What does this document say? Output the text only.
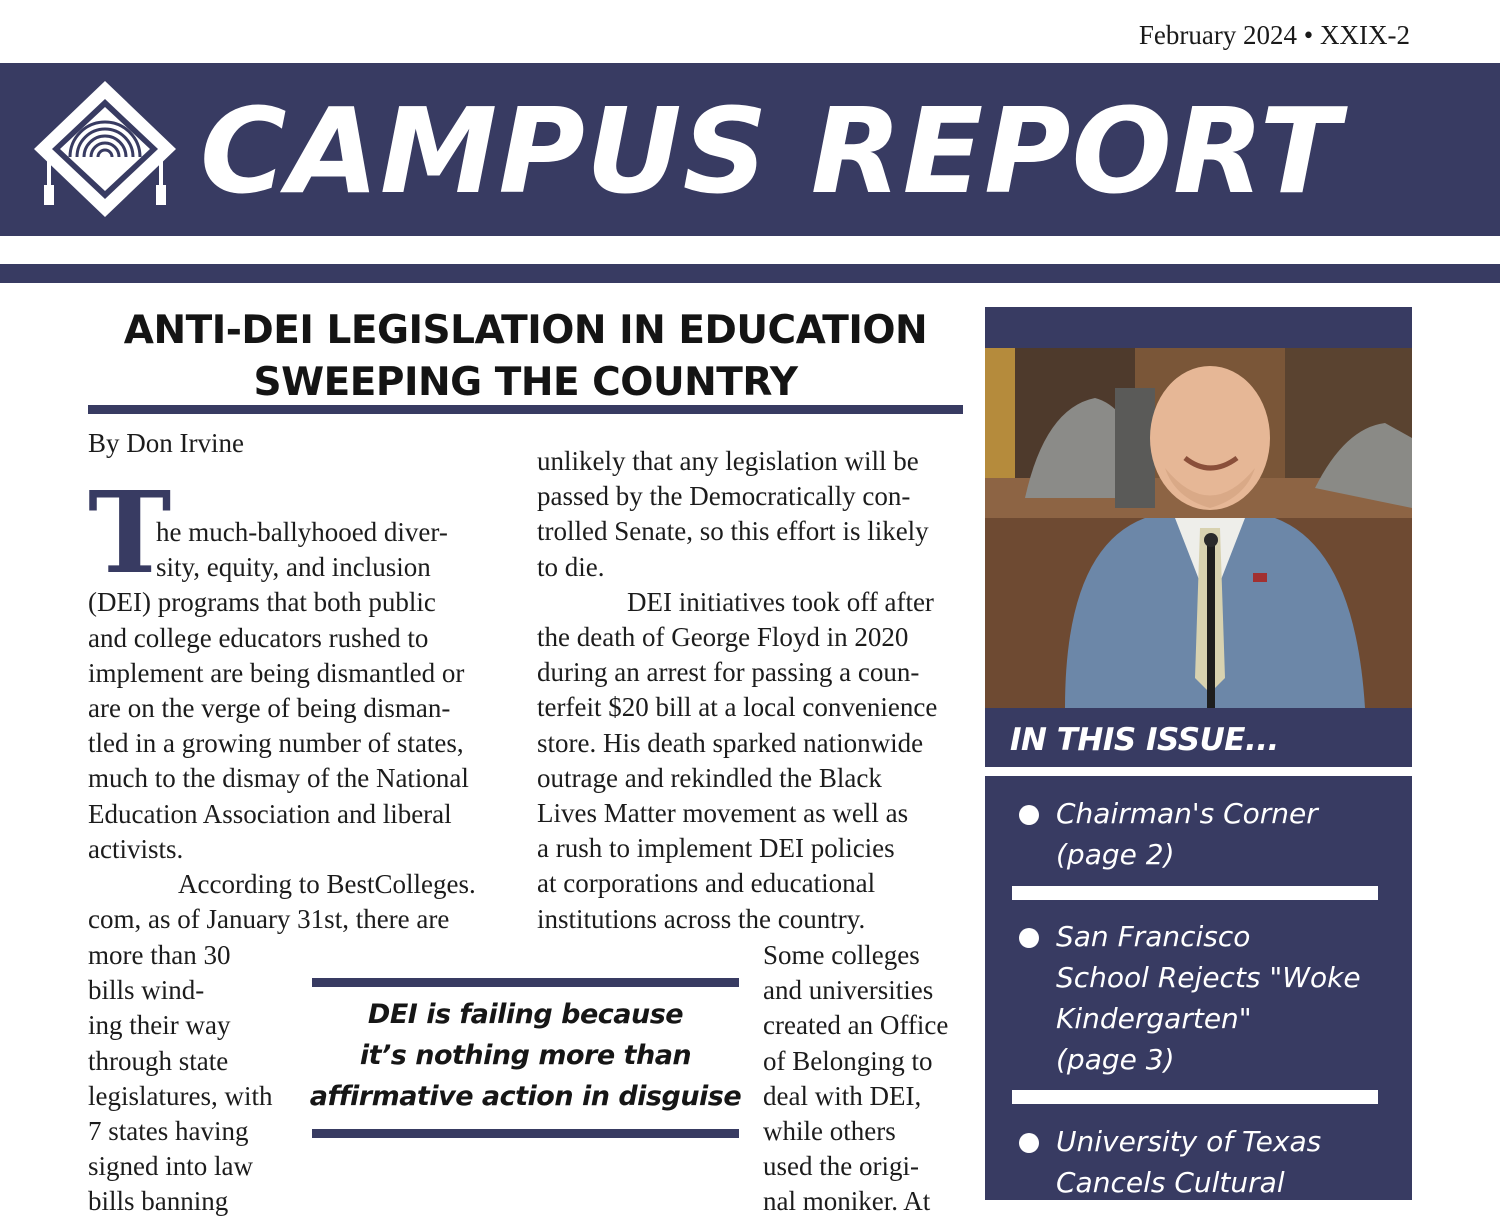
February 2024 • XXIX-2
CAMPUS REPORT
ANTI-DEI LEGISLATION IN EDUCATION
SWEEPING THE COUNTRY
By Don Irvine
T

he much-ballyhooed diver-

sity, equity, and inclusion

(DEI) programs that both public

and college educators rushed to

implement are being dismantled or

are on the verge of being disman-

tled in a growing number of states,

much to the dismay of the National

Education Association and liberal

activists.

According to BestColleges.

com, as of January 31st, there are

more than 30

bills wind-

ing their way

through state

legislatures, with

7 states having

signed into law

bills banning

unlikely that any legislation will be

passed by the Democratically con-

trolled Senate, so this effort is likely

to die.

DEI initiatives took off after

the death of George Floyd in 2020

during an arrest for passing a coun-

terfeit $20 bill at a local convenience

store. His death sparked nationwide

outrage and rekindled the Black

Lives Matter movement as well as

a rush to implement DEI policies

at corporations and educational

institutions across the country.

Some colleges

and universities

created an Office

of Belonging to

deal with DEI,

while others

used the origi-

nal moniker. At

DEI is failing because
it’s nothing more than
affirmative action in disguise
IN THIS ISSUE...
Chairman's Corner
(page 2)
San Francisco
School Rejects "Woke
Kindergarten"
(page 3)
University of Texas
Cancels Cultural
